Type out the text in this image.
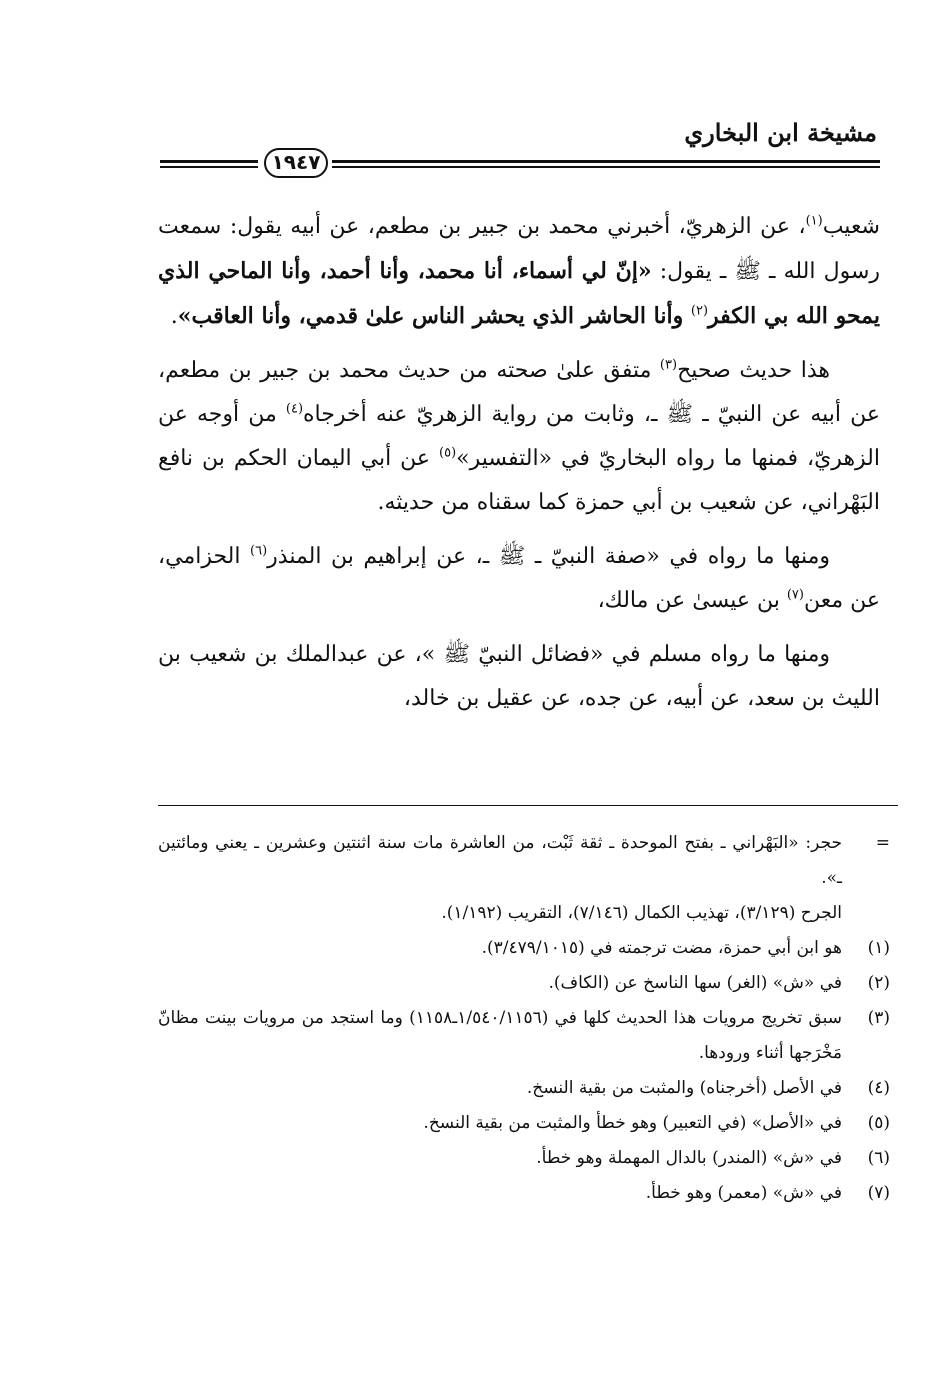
مشيخة ابن البخاري
١٩٤٧

شعيب$^{(١)}$، عن الزهريّ، أخبرني محمد بن جبير بن مطعم، عن أبيه يقول: سمعت رسول الله ـ ﷺ ـ يقول: «إنّ لي أسماء، أنا محمد، وأنا أحمد، وأنا الماحي الذي يمحو الله بي الكفر$^{(٢)}$ وأنا الحاشر الذي يحشر الناس علىٰ قدمي، وأنا العاقب».

هذا حديث صحيح$^{(٣)}$ متفق علىٰ صحته من حديث محمد بن جبير بن مطعم، عن أبيه عن النبيّ ـ ﷺ ـ، وثابت من رواية الزهريّ عنه أخرجاه$^{(٤)}$ من أوجه عن الزهريّ، فمنها ما رواه البخاريّ في «التفسير»$^{(٥)}$ عن أبي اليمان الحكم بن نافع البَهْراني، عن شعيب بن أبي حمزة كما سقناه من حديثه.

ومنها ما رواه في «صفة النبيّ ـ ﷺ ـ، عن إبراهيم بن المنذر$^{(٦)}$ الحزامي، عن معن$^{(٧)}$ بن عيسىٰ عن مالك،

ومنها ما رواه مسلم في «فضائل النبيّ ﷺ »، عن عبدالملك بن شعيب بن الليث بن سعد، عن أبيه، عن جده، عن عقيل بن خالد،

=
حجر: «البَهْراني ـ بفتح الموحدة ـ ثقة ثَبْت، من العاشرة مات سنة اثنتين وعشرين ـ يعني ومائتين ـ».
الجرح (٣/١٢٩)، تهذيب الكمال (٧/١٤٦)، التقريب (١/١٩٢).
(١)
هو ابن أبي حمزة، مضت ترجمته في (٣/٤٧٩/١٠١٥).
(٢)
في «ش» (الغر) سها الناسخ عن (الكاف).
(٣)
سبق تخريج مرويات هذا الحديث كلها في (١/٥٤٠/١١٥٦ـ١١٥٨) وما استجد من مرويات بينت مظانّ مَخْرَجها أثناء ورودها.
(٤)
في الأصل (أخرجناه) والمثبت من بقية النسخ.
(٥)
في «الأصل» (في التعبير) وهو خطأ والمثبت من بقية النسخ.
(٦)
في «ش» (المندر) بالدال المهملة وهو خطأ.
(٧)
في «ش» (معمر) وهو خطأ.
